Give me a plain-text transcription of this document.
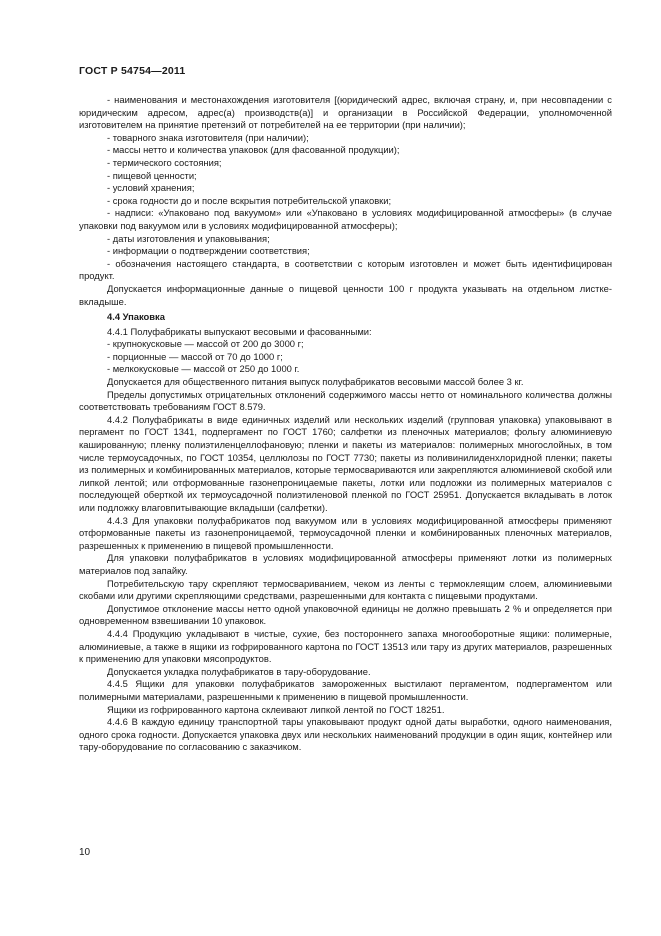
ГОСТ Р 54754—2011
- наименования и местонахождения изготовителя [(юридический адрес, включая страну, и, при несовпадении с юридическим адресом, адрес(а) производств(а)] и организации в Российской Федерации, уполномоченной изготовителем на принятие претензий от потребителей на ее территории (при наличии);
- товарного знака изготовителя (при наличии);
- массы нетто и количества упаковок (для фасованной продукции);
- термического состояния;
- пищевой ценности;
- условий хранения;
- срока годности до и после вскрытия потребительской упаковки;
- надписи: «Упаковано под вакуумом» или «Упаковано в условиях модифицированной атмосферы» (в случае упаковки под вакуумом или в условиях модифицированной атмосферы);
- даты изготовления и упаковывания;
- информации о подтверждении соответствия;
- обозначения настоящего стандарта, в соответствии с которым изготовлен и может быть идентифицирован продукт.
Допускается информационные данные о пищевой ценности 100 г продукта указывать на отдельном листке-вкладыше.
4.4 Упаковка
4.4.1 Полуфабрикаты выпускают весовыми и фасованными:
- крупнокусковые — массой от 200 до 3000 г;
- порционные — массой от 70 до 1000 г;
- мелкокусковые — массой от 250 до 1000 г.
Допускается для общественного питания выпуск полуфабрикатов весовыми массой более 3 кг.
Пределы допустимых отрицательных отклонений содержимого массы нетто от номинального количества должны соответствовать требованиям ГОСТ 8.579.
4.4.2 Полуфабрикаты в виде единичных изделий или нескольких изделий (групповая упаковка) упаковывают в пергамент по ГОСТ 1341, подпергамент по ГОСТ 1760; салфетки из пленочных материалов; фольгу алюминиевую кашированную; пленку полиэтиленцеллофановую; пленки и пакеты из материалов: полимерных многослойных, в том числе термоусадочных, по ГОСТ 10354, целлюлозы по ГОСТ 7730; пакеты из поливинилиденхлоридной пленки; пакеты из полимерных и комбинированных материалов, которые термосвариваются или закрепляются алюминиевой скобой или липкой лентой; или отформованные газонепроницаемые пакеты, лотки или подложки из полимерных материалов с последующей оберткой их термоусадочной полиэтиленовой пленкой по ГОСТ 25951. Допускается вкладывать в лоток или подложку влаговпитывающие вкладыши (салфетки).
4.4.3 Для упаковки полуфабрикатов под вакуумом или в условиях модифицированной атмосферы применяют отформованные пакеты из газонепроницаемой, термоусадочной пленки и комбинированных пленочных материалов, разрешенных к применению в пищевой промышленности.
Для упаковки полуфабрикатов в условиях модифицированной атмосферы применяют лотки из полимерных материалов под запайку.
Потребительскую тару скрепляют термосвариванием, чеком из ленты с термоклеящим слоем, алюминиевыми скобами или другими скрепляющими средствами, разрешенными для контакта с пищевыми продуктами.
Допустимое отклонение массы нетто одной упаковочной единицы не должно превышать 2 % и определяется при одновременном взвешивании 10 упаковок.
4.4.4 Продукцию укладывают в чистые, сухие, без постороннего запаха многооборотные ящики: полимерные, алюминиевые, а также в ящики из гофрированного картона по ГОСТ 13513 или тару из других материалов, разрешенных к применению для упаковки мясопродуктов.
Допускается укладка полуфабрикатов в тару-оборудование.
4.4.5 Ящики для упаковки полуфабрикатов замороженных выстилают пергаментом, подпергаментом или полимерными материалами, разрешенными к применению в пищевой промышленности.
Ящики из гофрированного картона склеивают липкой лентой по ГОСТ 18251.
4.4.6 В каждую единицу транспортной тары упаковывают продукт одной даты выработки, одного наименования, одного срока годности. Допускается упаковка двух или нескольких наименований продукции в один ящик, контейнер или тару-оборудование по согласованию с заказчиком.
10
